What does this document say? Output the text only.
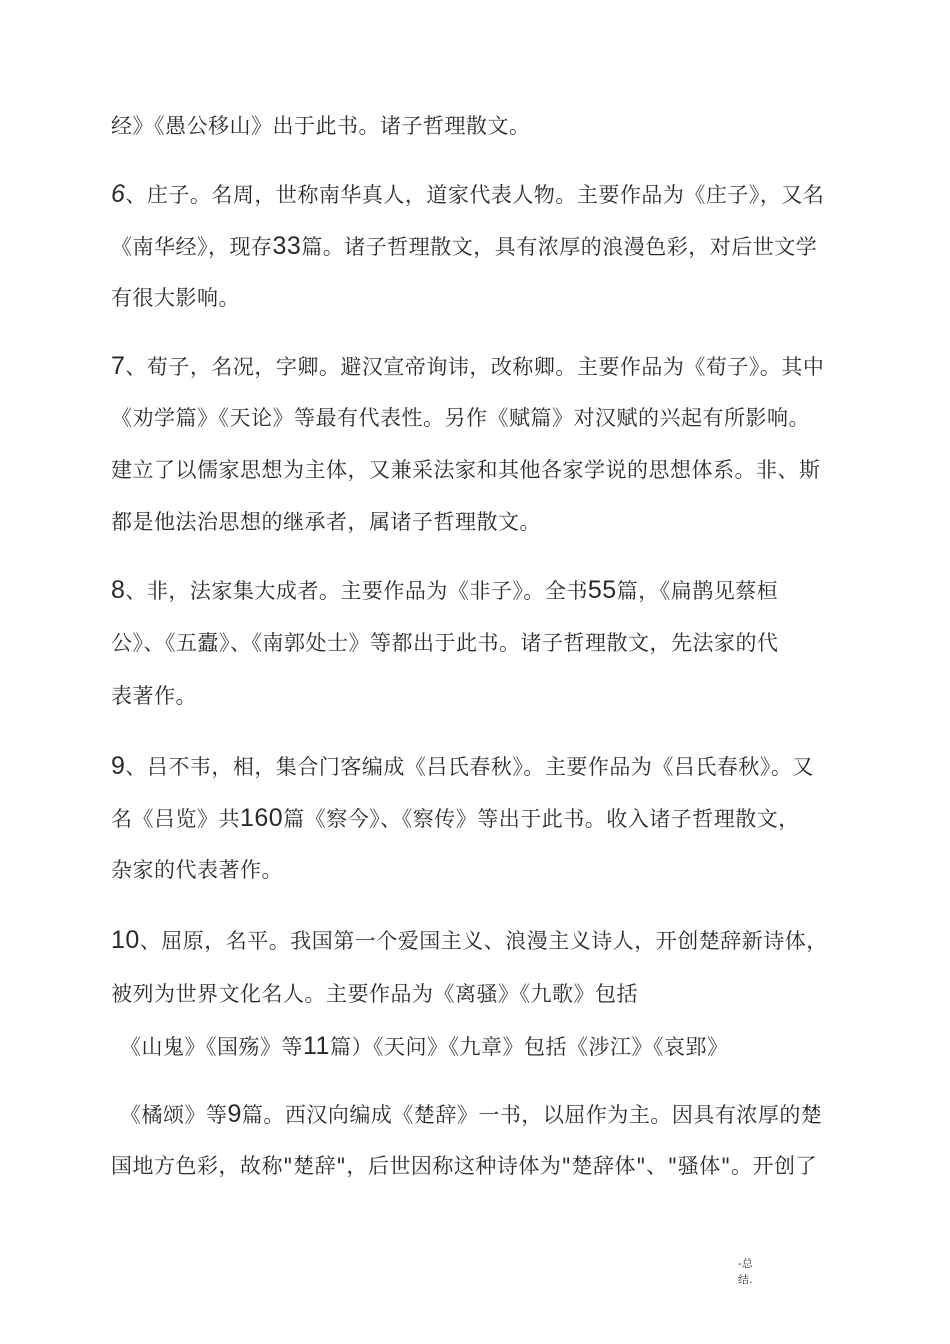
经》《愚公移山》出于此书。诸子哲理散文。
6、庄子。名周，世称南华真人，道家代表人物。主要作品为《庄子》，又名
《南华经》，现存33篇。诸子哲理散文，具有浓厚的浪漫色彩，对后世文学
有很大影响。
7、荀子，名况，字卿。避汉宣帝询讳，改称卿。主要作品为《荀子》。其中
《劝学篇》《天论》等最有代表性。另作《赋篇》对汉赋的兴起有所影响。
建立了以儒家思想为主体，又兼采法家和其他各家学说的思想体系。非、斯
都是他法治思想的继承者，属诸子哲理散文。
8、非，法家集大成者。主要作品为《非子》。全书55篇，《扁鹊见蔡桓
公》、《五蠹》、《南郭处士》等都出于此书。诸子哲理散文，先法家的代
表著作。
9、吕不韦，相，集合门客编成《吕氏春秋》。主要作品为《吕氏春秋》。又
名《吕览》共160篇《察今》、《察传》等出于此书。收入诸子哲理散文，
杂家的代表著作。
10、屈原，名平。我国第一个爱国主义、浪漫主义诗人，开创楚辞新诗体，
被列为世界文化名人。主要作品为《离骚》《九歌》包括
《山鬼》《国殇》等11篇）《天问》《九章》包括《涉江》《哀郢》
《橘颂》等9篇。西汉向编成《楚辞》一书，以屈作为主。因具有浓厚的楚
国地方色彩，故称"楚辞"，后世因称这种诗体为"楚辞体"、"骚体"。开创了
-总
结.
